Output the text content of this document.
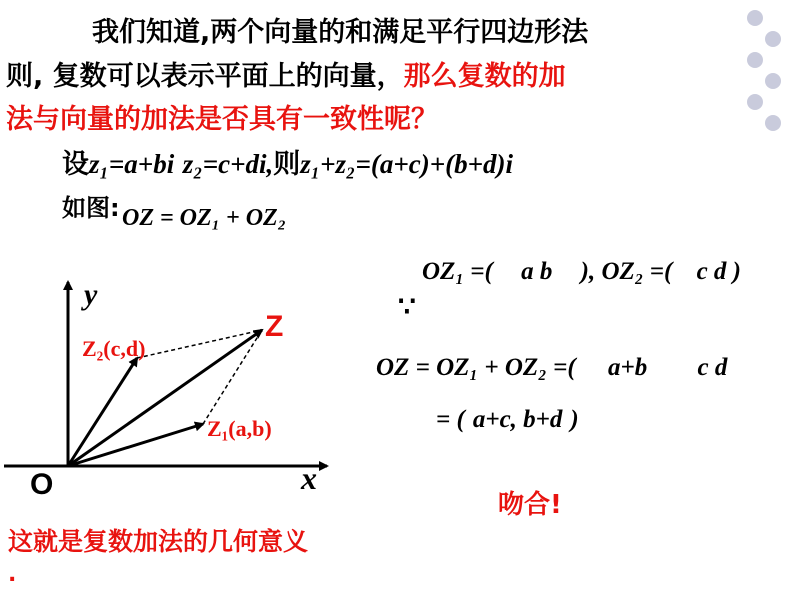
我们知道,两个向量的和满足平行四边形法
则, 复数可以表示平面上的向量，那么复数的加
法与向量的加法是否具有一致性呢？
设z₁=a+bi z₂=c+di,则z₁+z₂=(a+c)+(b+d)i
如图: OZ = OZ₁ + OZ₂
y
x
O
Z
Z₂(c,d)
Z₁(a,b)
这就是复数加法的几何意义
.
OZ₁ =( a b ), OZ₂ =( c d )
∵
OZ = OZ₁ + OZ₂ =( a+b c d
= ( a+c, b+d )
吻合!
